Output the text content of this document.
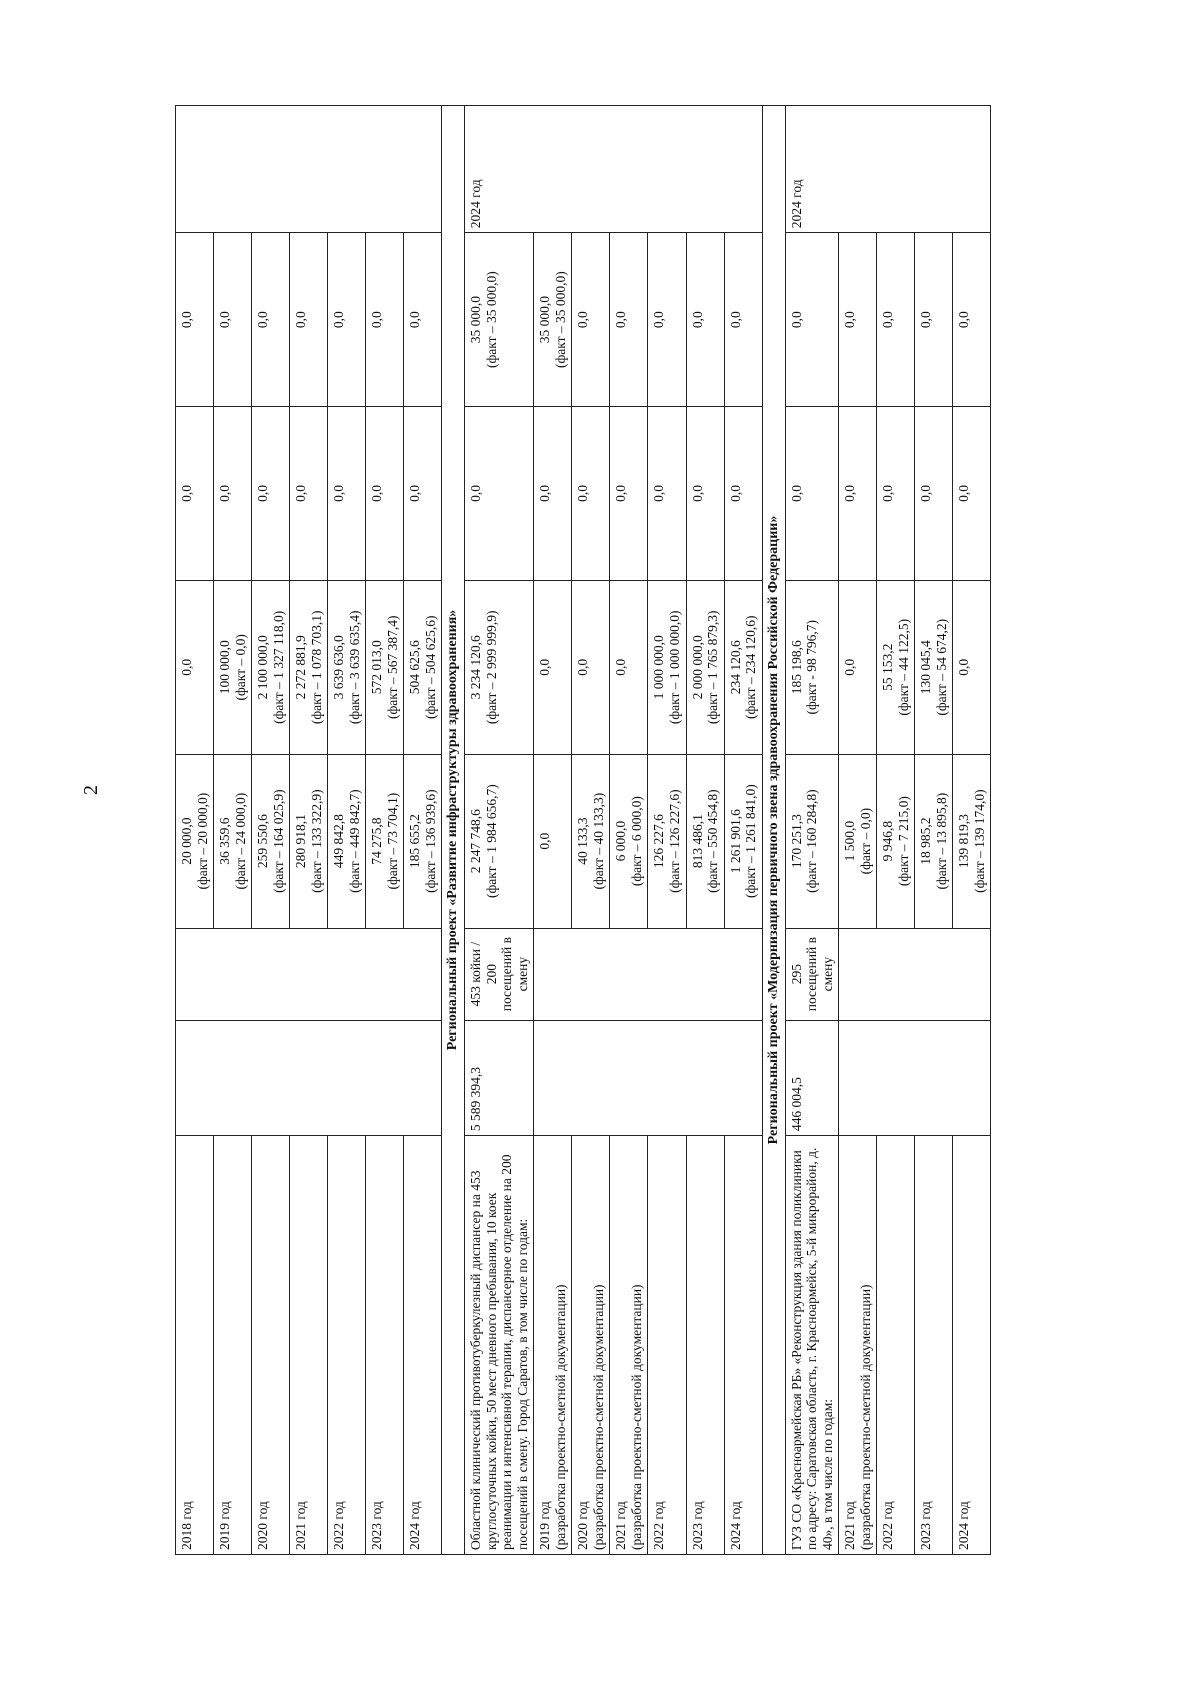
2
2018 год			20 000,0 (факт – 20 000,0)	0,0	0,0	0,0	
2019 год			36 359,6 (факт – 24 000,0)	100 000,0 (факт – 0,0)	0,0	0,0	
2020 год			259 550,6 (факт – 164 025,9)	2 100 000,0 (факт – 1 327 118,0)	0,0	0,0	
2021 год			280 918,1 (факт – 133 322,9)	2 272 881,9 (факт – 1 078 703,1)	0,0	0,0	
2022 год			449 842,8 (факт – 449 842,7)	3 639 636,0 (факт – 3 639 635,4)	0,0	0,0	
2023 год			74 275,8 (факт – 73 704,1)	572 013,0 (факт – 567 387,4)	0,0	0,0	
2024 год			185 655,2 (факт – 136 939,6)	504 625,6 (факт – 504 625,6)	0,0	0,0	
Региональный проект «Развитие инфраструктуры здравоохранения»							
Областной клинический противотуберкулезный диспансер на 453 круглосуточных койки, 50 мест дневного пребывания, 10 коек реанимации и интенсивной терапии, диспансерное отделение на 200 посещений в смену. Город Саратов, в том числе по годам:	5 589 394,3	453 койки / 200 посещений в смену	2 247 748,6 (факт – 1 984 656,7)	3 234 120,6 (факт – 2 999 999,9)	0,0	35 000,0 (факт – 35 000,0)	2024 год

2019 год (разработка проектно-сметной документации)			0,0	0,0	0,0	35 000,0 (факт – 35 000,0)	

2020 год (разработка проектно-сметной документации)			40 133,3 (факт – 40 133,3)	0,0	0,0	0,0	

2021 год (разработка проектно-сметной документации)			6 000,0 (факт – 6 000,0)	0,0	0,0	0,0	

2022 год			126 227,6 (факт – 126 227,6)	1 000 000,0 (факт – 1 000 000,0)	0,0	0,0	

2023 год			813 486,1 (факт – 550 454,8)	2 000 000,0 (факт – 1 765 879,3)	0,0	0,0	

2024 год			1 261 901,6 (факт – 1 261 841,0)	234 120,6 (факт – 234 120,6)	0,0	0,0	

Региональный проект «Модернизация первичного звена здравоохранения Российской Федерации»							
ГУЗ СО «Красноармейская РБ» «Реконструкция здания поликлиники по адресу: Саратовская область, г. Красноармейск, 5-й микрорайон, д. 40», в том числе по годам:	446 004,5	295 посещений в смену	170 251,3 (факт – 160 284,8)	185 198,6 (факт - 98 796,7)	0,0	0,0	2024 год

2021 год (разработка проектно-сметной документации)			1 500,0 (факт – 0,0)	0,0	0,0	0,0	

2022 год			9 946,8 (факт – 7 215,0)	55 153,2 (факт – 44 122,5)	0,0	0,0	

2023 год			18 985,2 (факт – 13 895,8)	130 045,4 (факт – 54 674,2)	0,0	0,0	

2024 год			139 819,3 (факт – 139 174,0)	0,0	0,0	0,0	
